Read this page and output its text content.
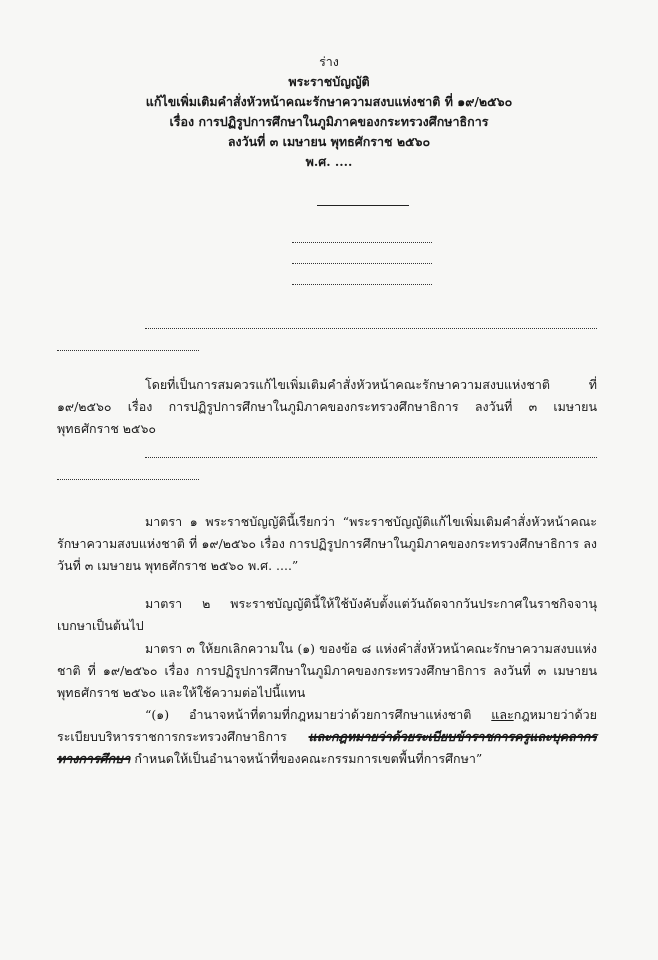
ร่าง
พระราชบัญญัติ
แก้ไขเพิ่มเติมคำสั่งหัวหน้าคณะรักษาความสงบแห่งชาติ ที่ ๑๙/๒๕๖๐
เรื่อง การปฏิรูปการศึกษาในภูมิภาคของกระทรวงศึกษาธิการ
ลงวันที่ ๓ เมษายน พุทธศักราช ๒๕๖๐
พ.ศ. ....

โดยที่เป็นการสมควรแก้ไขเพิ่มเติมคำสั่งหัวหน้าคณะรักษาความสงบแห่งชาติ ที่ ๑๙/๒๕๖๐ เรื่อง การปฏิรูปการศึกษาในภูมิภาคของกระทรวงศึกษาธิการ ลงวันที่ ๓ เมษายน พุทธศักราช ๒๕๖๐

มาตรา ๑ พระราชบัญญัตินี้เรียกว่า “พระราชบัญญัติแก้ไขเพิ่มเติมคำสั่งหัวหน้าคณะรักษาความสงบแห่งชาติ ที่ ๑๙/๒๕๖๐ เรื่อง การปฏิรูปการศึกษาในภูมิภาคของกระทรวงศึกษาธิการ ลงวันที่ ๓ เมษายน พุทธศักราช ๒๕๖๐ พ.ศ. ....”

มาตรา ๒ พระราชบัญญัตินี้ให้ใช้บังคับตั้งแต่วันถัดจากวันประกาศในราชกิจจานุเบกษาเป็นต้นไป

มาตรา ๓ ให้ยกเลิกความใน (๑) ของข้อ ๘ แห่งคำสั่งหัวหน้าคณะรักษาความสงบแห่งชาติ ที่ ๑๙/๒๕๖๐ เรื่อง การปฏิรูปการศึกษาในภูมิภาคของกระทรวงศึกษาธิการ ลงวันที่ ๓ เมษายน พุทธศักราช ๒๕๖๐ และให้ใช้ความต่อไปนี้แทน

“(๑) อำนาจหน้าที่ตามที่กฎหมายว่าด้วยการศึกษาแห่งชาติ และกฎหมายว่าด้วยระเบียบบริหารราชการกระทรวงศึกษาธิการ และกฎหมายว่าด้วยระเบียบข้าราชการครูและบุคลากรทางการศึกษา กำหนดให้เป็นอำนาจหน้าที่ของคณะกรรมการเขตพื้นที่การศึกษา”
